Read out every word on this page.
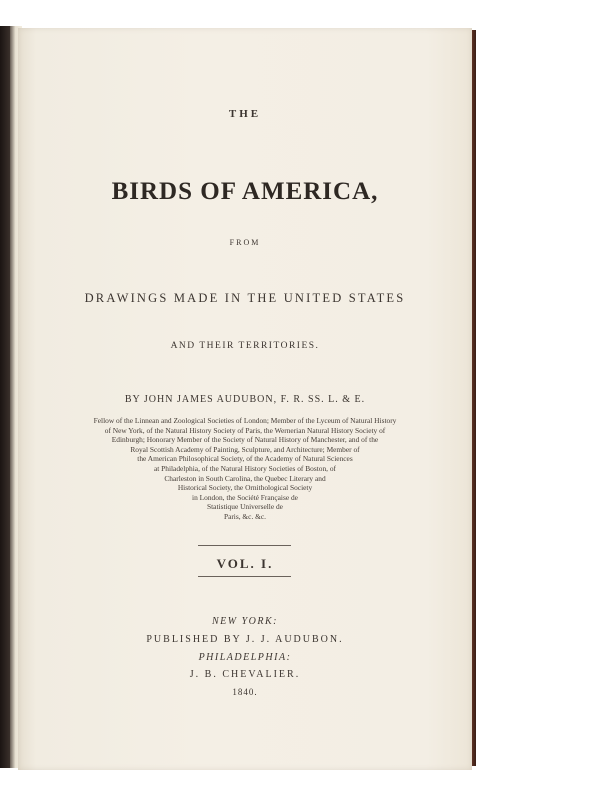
THE
BIRDS OF AMERICA,
FROM
DRAWINGS MADE IN THE UNITED STATES
AND THEIR TERRITORIES.
BY JOHN JAMES AUDUBON, F. R. SS. L. & E.
Fellow of the Linnean and Zoological Societies of London; Member of the Lyceum of Natural History
of New York, of the Natural History Society of Paris, the Wernerian Natural History Society of
Edinburgh; Honorary Member of the Society of Natural History of Manchester, and of the
Royal Scottish Academy of Painting, Sculpture, and Architecture; Member of
the American Philosophical Society, of the Academy of Natural Sciences
at Philadelphia, of the Natural History Societies of Boston, of
Charleston in South Carolina, the Quebec Literary and
Historical Society, the Ornithological Society
in London, the Société Française de
Statistique Universelle de
Paris, &c. &c.
VOL. I.
NEW YORK:
PUBLISHED BY J. J. AUDUBON.
PHILADELPHIA:
J. B. CHEVALIER.
1840.
